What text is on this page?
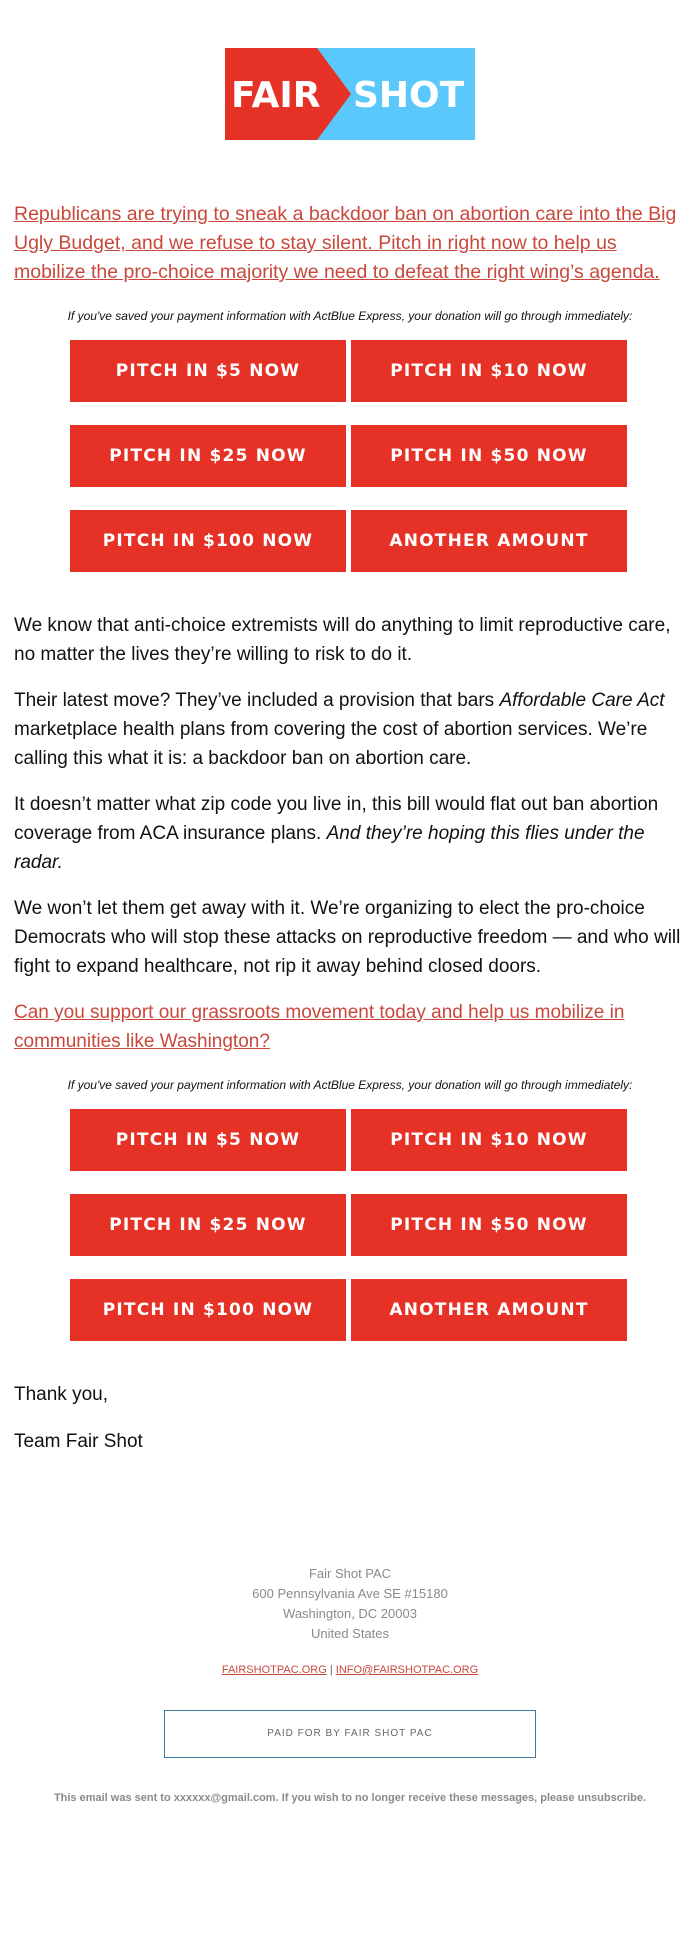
FAIR SHOT
Republicans are trying to sneak a backdoor ban on abortion care into the Big Ugly Budget, and we refuse to stay silent. Pitch in right now to help us mobilize the pro-choice majority we need to defeat the right wing’s agenda.
If you've saved your payment information with ActBlue Express, your donation will go through immediately:
PITCH IN $5 NOW	PITCH IN $10 NOW
PITCH IN $25 NOW	PITCH IN $50 NOW
PITCH IN $100 NOW	ANOTHER AMOUNT

We know that anti-choice extremists will do anything to limit reproductive care, no matter the lives they’re willing to risk to do it.

Their latest move? They’ve included a provision that bars Affordable Care Act marketplace health plans from covering the cost of abortion services. We’re calling this what it is: a backdoor ban on abortion care.

It doesn’t matter what zip code you live in, this bill would flat out ban abortion coverage from ACA insurance plans. And they’re hoping this flies under the radar.

We won’t let them get away with it. We’re organizing to elect the pro-choice Democrats who will stop these attacks on reproductive freedom — and who will fight to expand healthcare, not rip it away behind closed doors.

Can you support our grassroots movement today and help us mobilize in communities like Washington?
If you've saved your payment information with ActBlue Express, your donation will go through immediately:
PITCH IN $5 NOW	PITCH IN $10 NOW
PITCH IN $25 NOW	PITCH IN $50 NOW
PITCH IN $100 NOW	ANOTHER AMOUNT

Thank you,

Team Fair Shot

Fair Shot PAC
600 Pennsylvania Ave SE #15180
Washington, DC 20003
United States
FAIRSHOTPAC.ORG | INFO@FAIRSHOTPAC.ORG
PAID FOR BY FAIR SHOT PAC
This email was sent to xxxxxx@gmail.com. If you wish to no longer receive these messages, please unsubscribe.
